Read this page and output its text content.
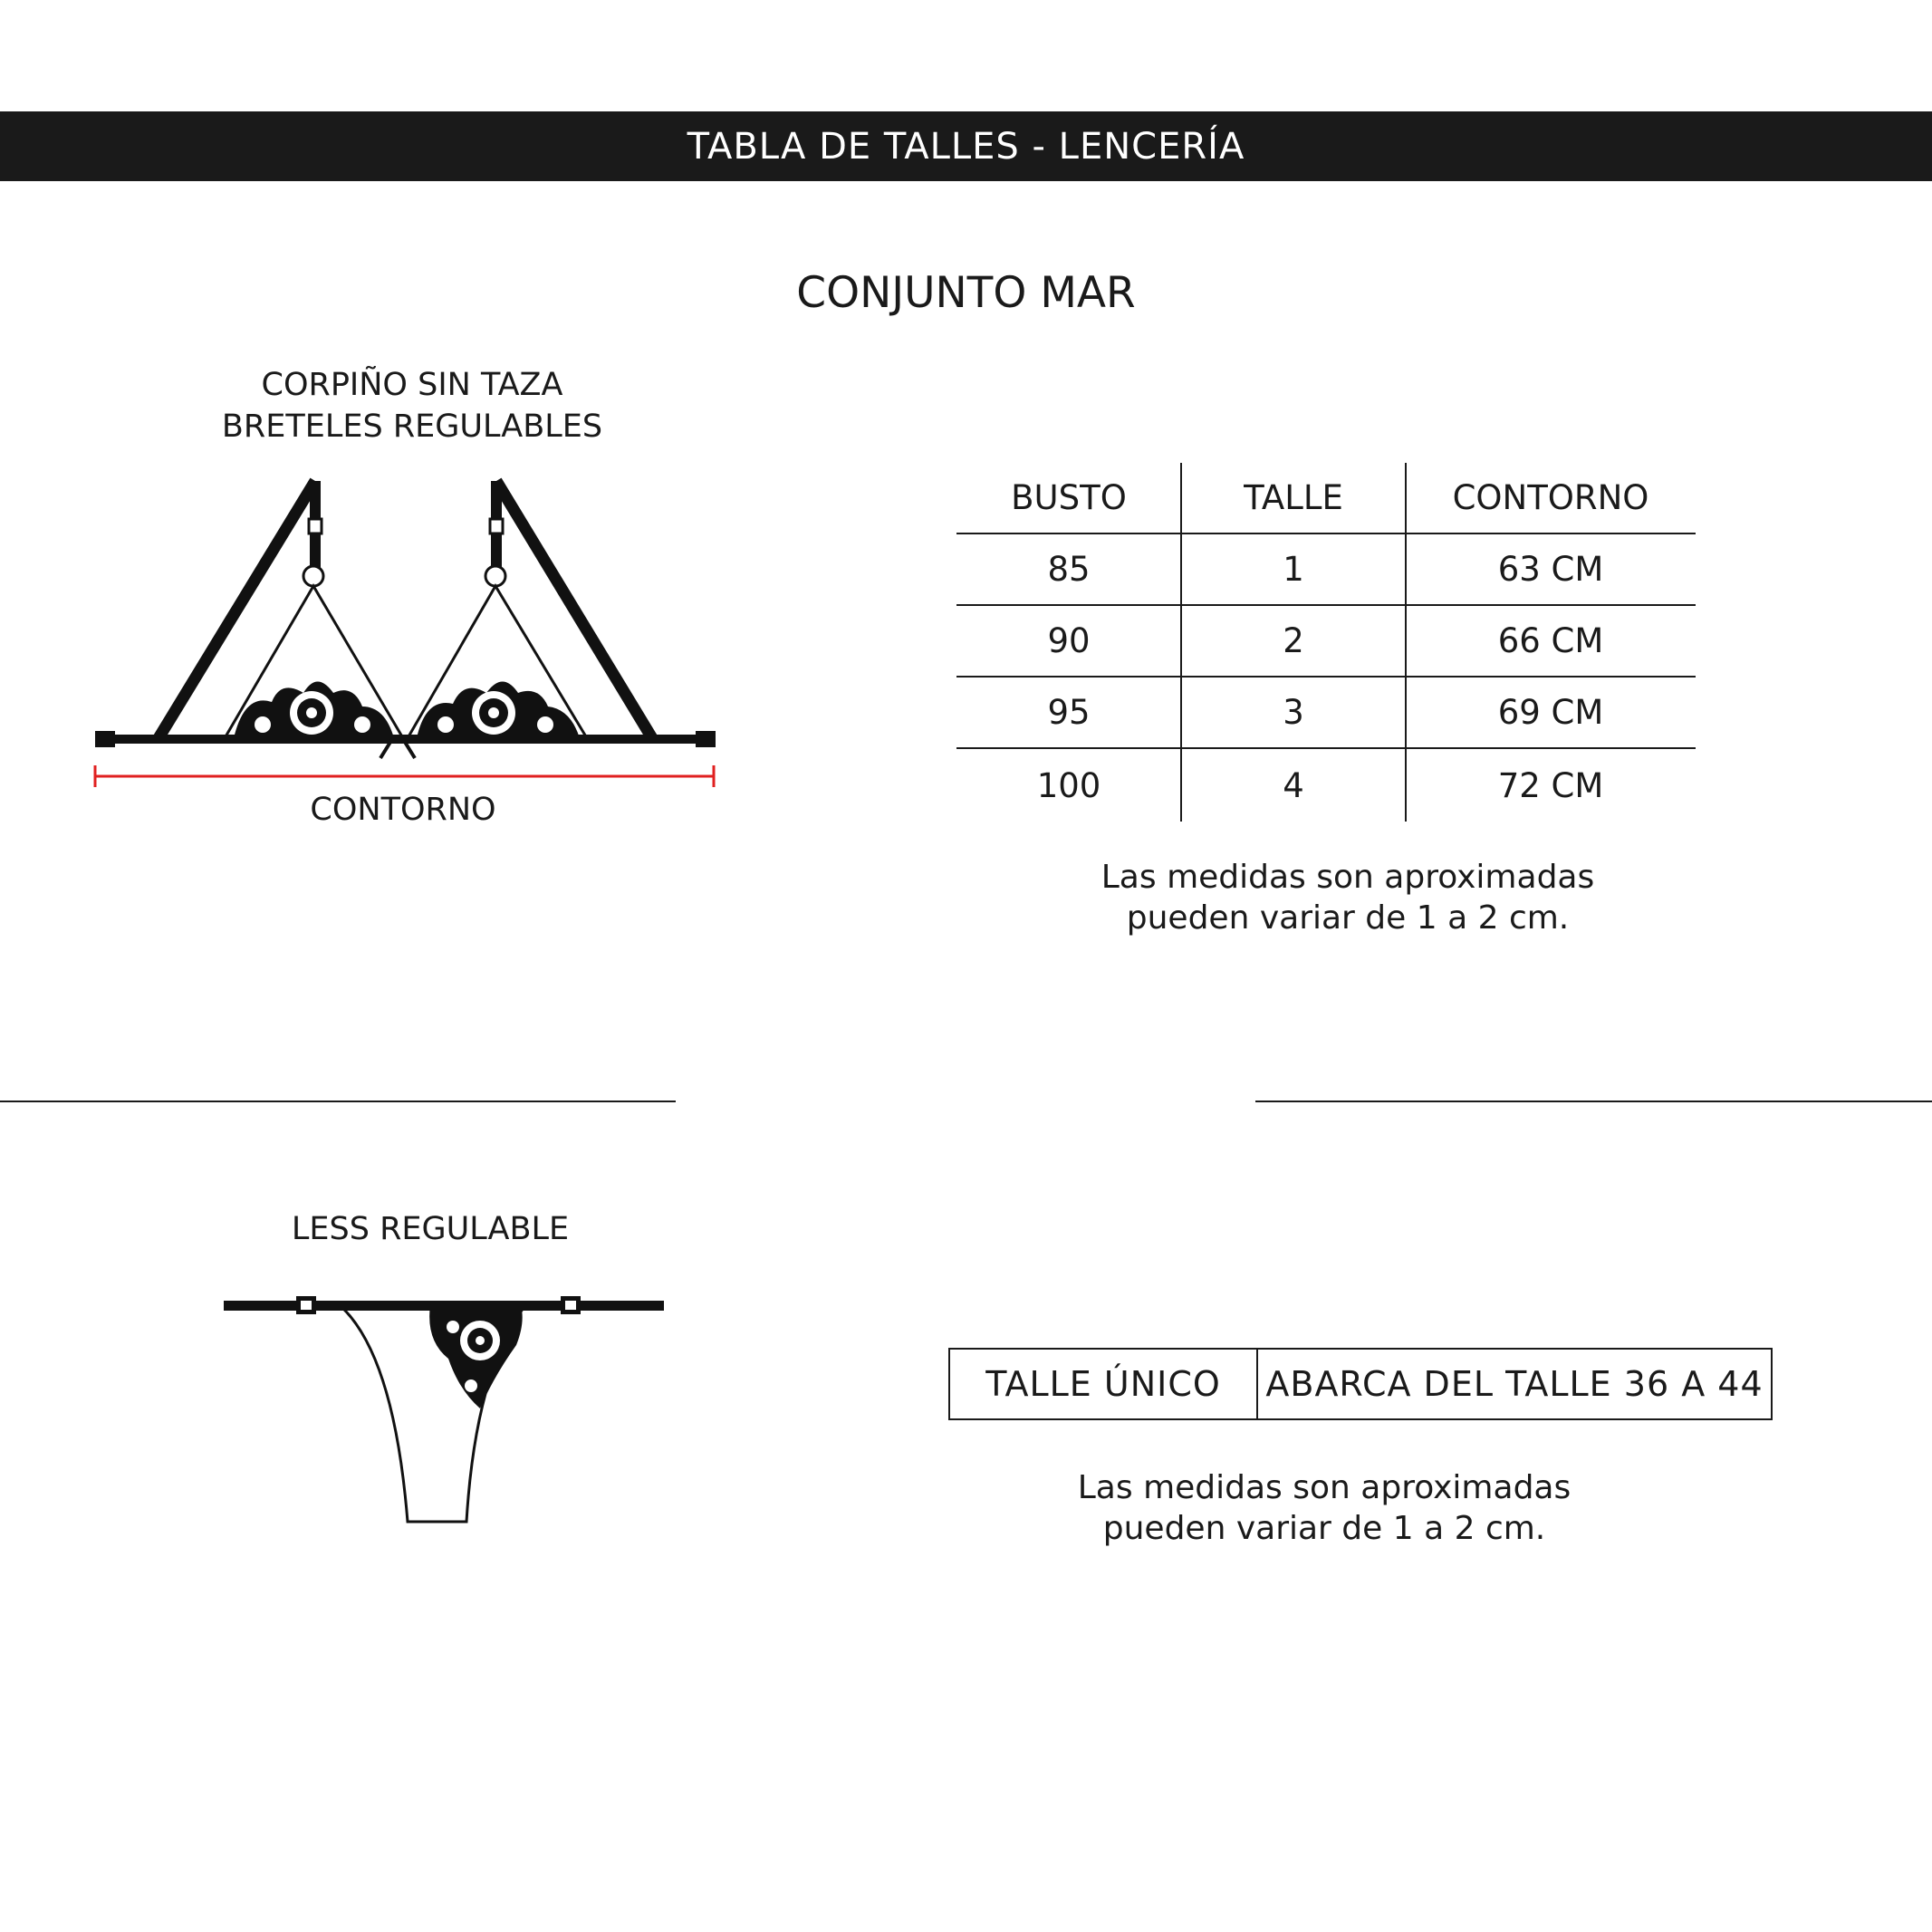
TABLA DE TALLES - LENCERÍA
CONJUNTO MAR
CORPIÑO SIN TAZA
BRETELES REGULABLES
CONTORNO
BUSTO	TALLE	CONTORNO
85	1	63 CM
90	2	66 CM
95	3	69 CM
100	4	72 CM
Las medidas son aproximadas
pueden variar de 1 a 2 cm.
LESS REGULABLE
TALLE ÚNICO	ABARCA DEL TALLE 36 A 44
Las medidas son aproximadas
pueden variar de 1 a 2 cm.
